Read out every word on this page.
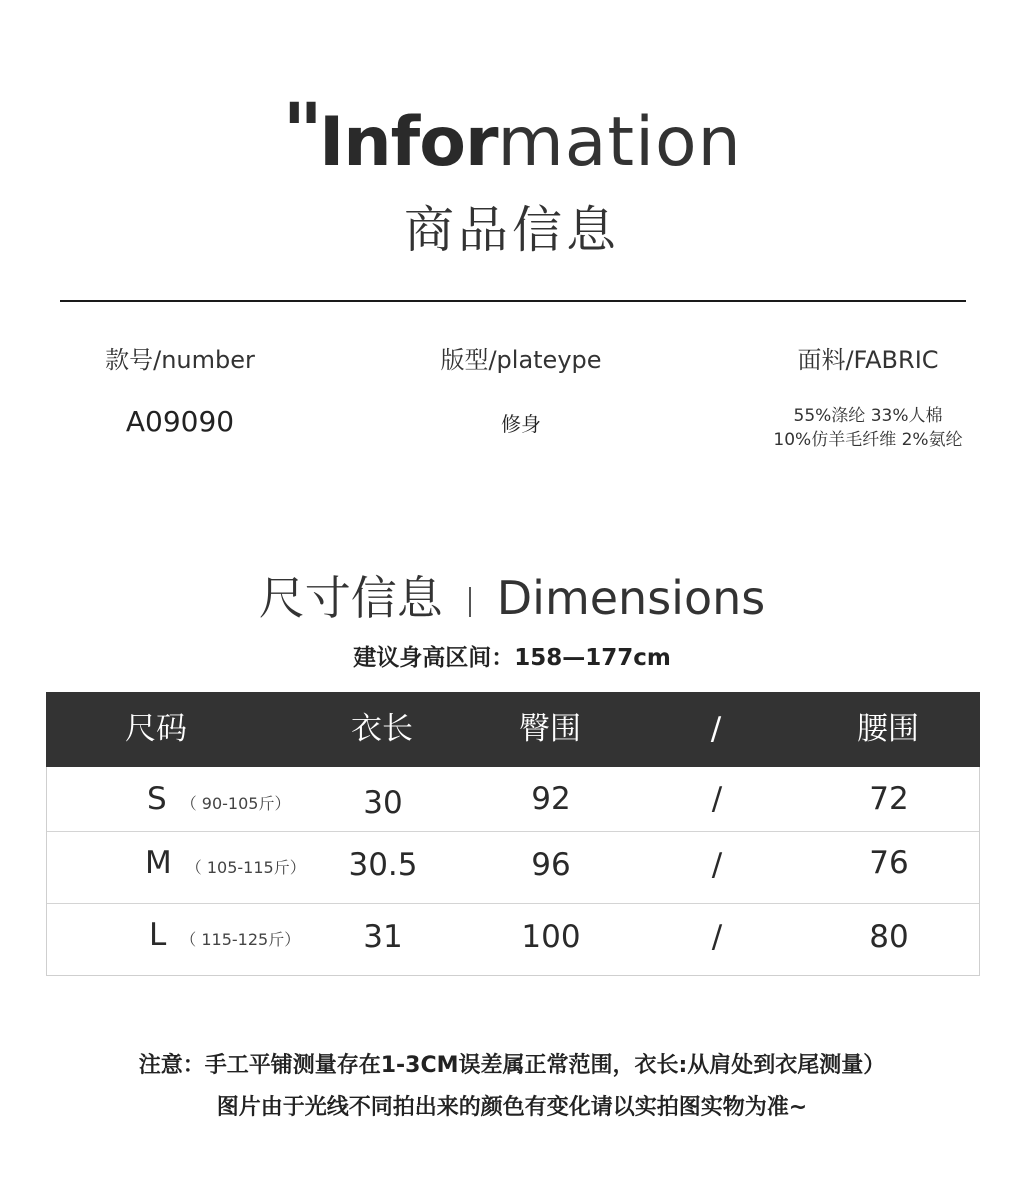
"Information
商品信息
款号/number
A09090
版型/plateype
修身
面料/FABRIC
55%涤纶 33%人棉
10%仿羊毛纤维 2%氨纶
尺寸信息 Dimensions
建议身高区间：158—177cm
尺码	衣长	臀围	/	腰围
S （ 90-105斤）	30	92	/	72
M （ 105-115斤）	30.5	96	/	76
L （ 115-125斤）	31	100	/	80
注意：手工平铺测量存在1-3CM误差属正常范围，衣长:从肩处到衣尾测量）
图片由于光线不同拍出来的颜色有变化请以实拍图实物为准~
